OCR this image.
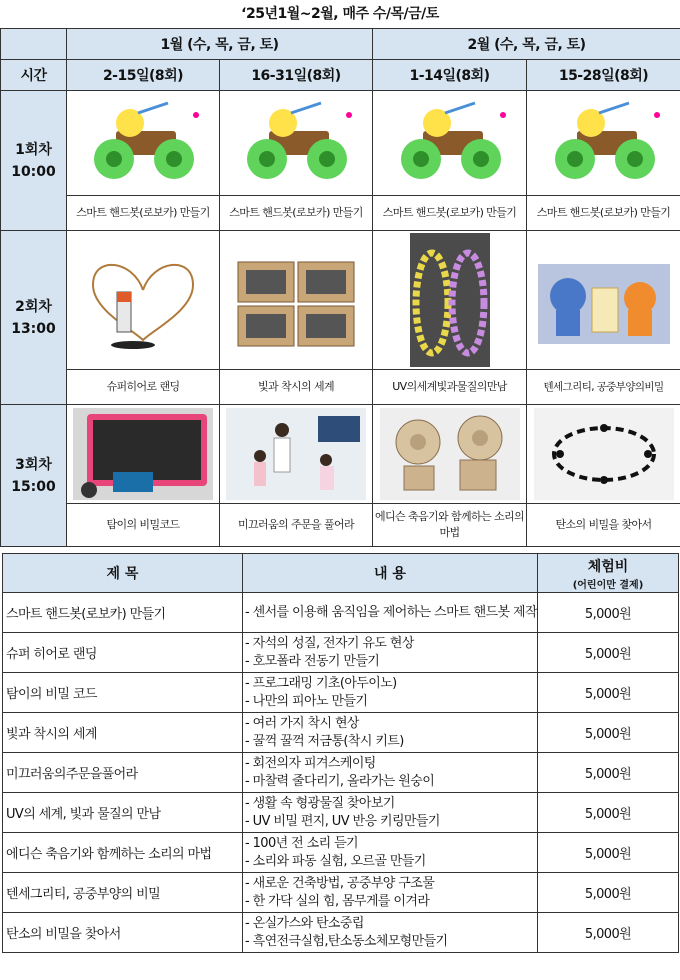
‘25년1월~2월, 매주 수/목/금/토
	1월 (수, 목, 금, 토)		2월 (수, 목, 금, 토)	
시간	2-15일(8회)	16-31일(8회)	1-14일(8회)	15-28일(8회)

1회차
10:00

	스마트 핸드봇(로보카) 만들기	스마트 핸드봇(로보카) 만들기	스마트 핸드봇(로보카) 만들기	스마트 핸드봇(로보카) 만들기

2회차
13:00

	슈퍼히어로 랜딩	빛과 착시의 세계	UV의세계빛과물질의만남	텐세그리티, 공중부양의비밀

3회차
15:00

	탐이의 비밀코드	미끄러움의 주문을 풀어라	에디슨 축음기와 함께하는 소리의 마법	탄소의 비밀을 찾아서
제 목	내 용	체험비
(어린이만 결제)

스마트 핸드봇(로보카) 만들기	- 센서를 이용해 움직임을 제어하는 스마트 핸드봇 제작	5,000원
슈퍼 히어로 랜딩	- 자석의 성질, 전자기 유도 현상
- 호모폴라 전동기 만들기	5,000원
탐이의 비밀 코드	- 프로그래밍 기초(아두이노)
- 나만의 피아노 만들기	5,000원
빛과 착시의 세계	- 여러 가지 착시 현상
- 꿀꺽 꿀꺽 저금통(착시 키트)	5,000원
미끄러움의주문을풀어라	- 회전의자 피겨스케이팅
- 마찰력 줄다리기, 올라가는 원숭이	5,000원
UV의 세계, 빛과 물질의 만남	- 생활 속 형광물질 찾아보기
- UV 비밀 편지, UV 반응 키링만들기	5,000원
에디슨 축음기와 함께하는 소리의 마법	- 100년 전 소리 듣기
- 소리와 파동 실험, 오르골 만들기	5,000원
텐세그리티, 공중부양의 비밀	- 새로운 건축방법, 공중부양 구조물
- 한 가닥 실의 힘, 몸무게를 이겨라	5,000원
탄소의 비밀을 찾아서	- 온실가스와 탄소중립
- 흑연전극실험,탄소동소체모형만들기	5,000원
